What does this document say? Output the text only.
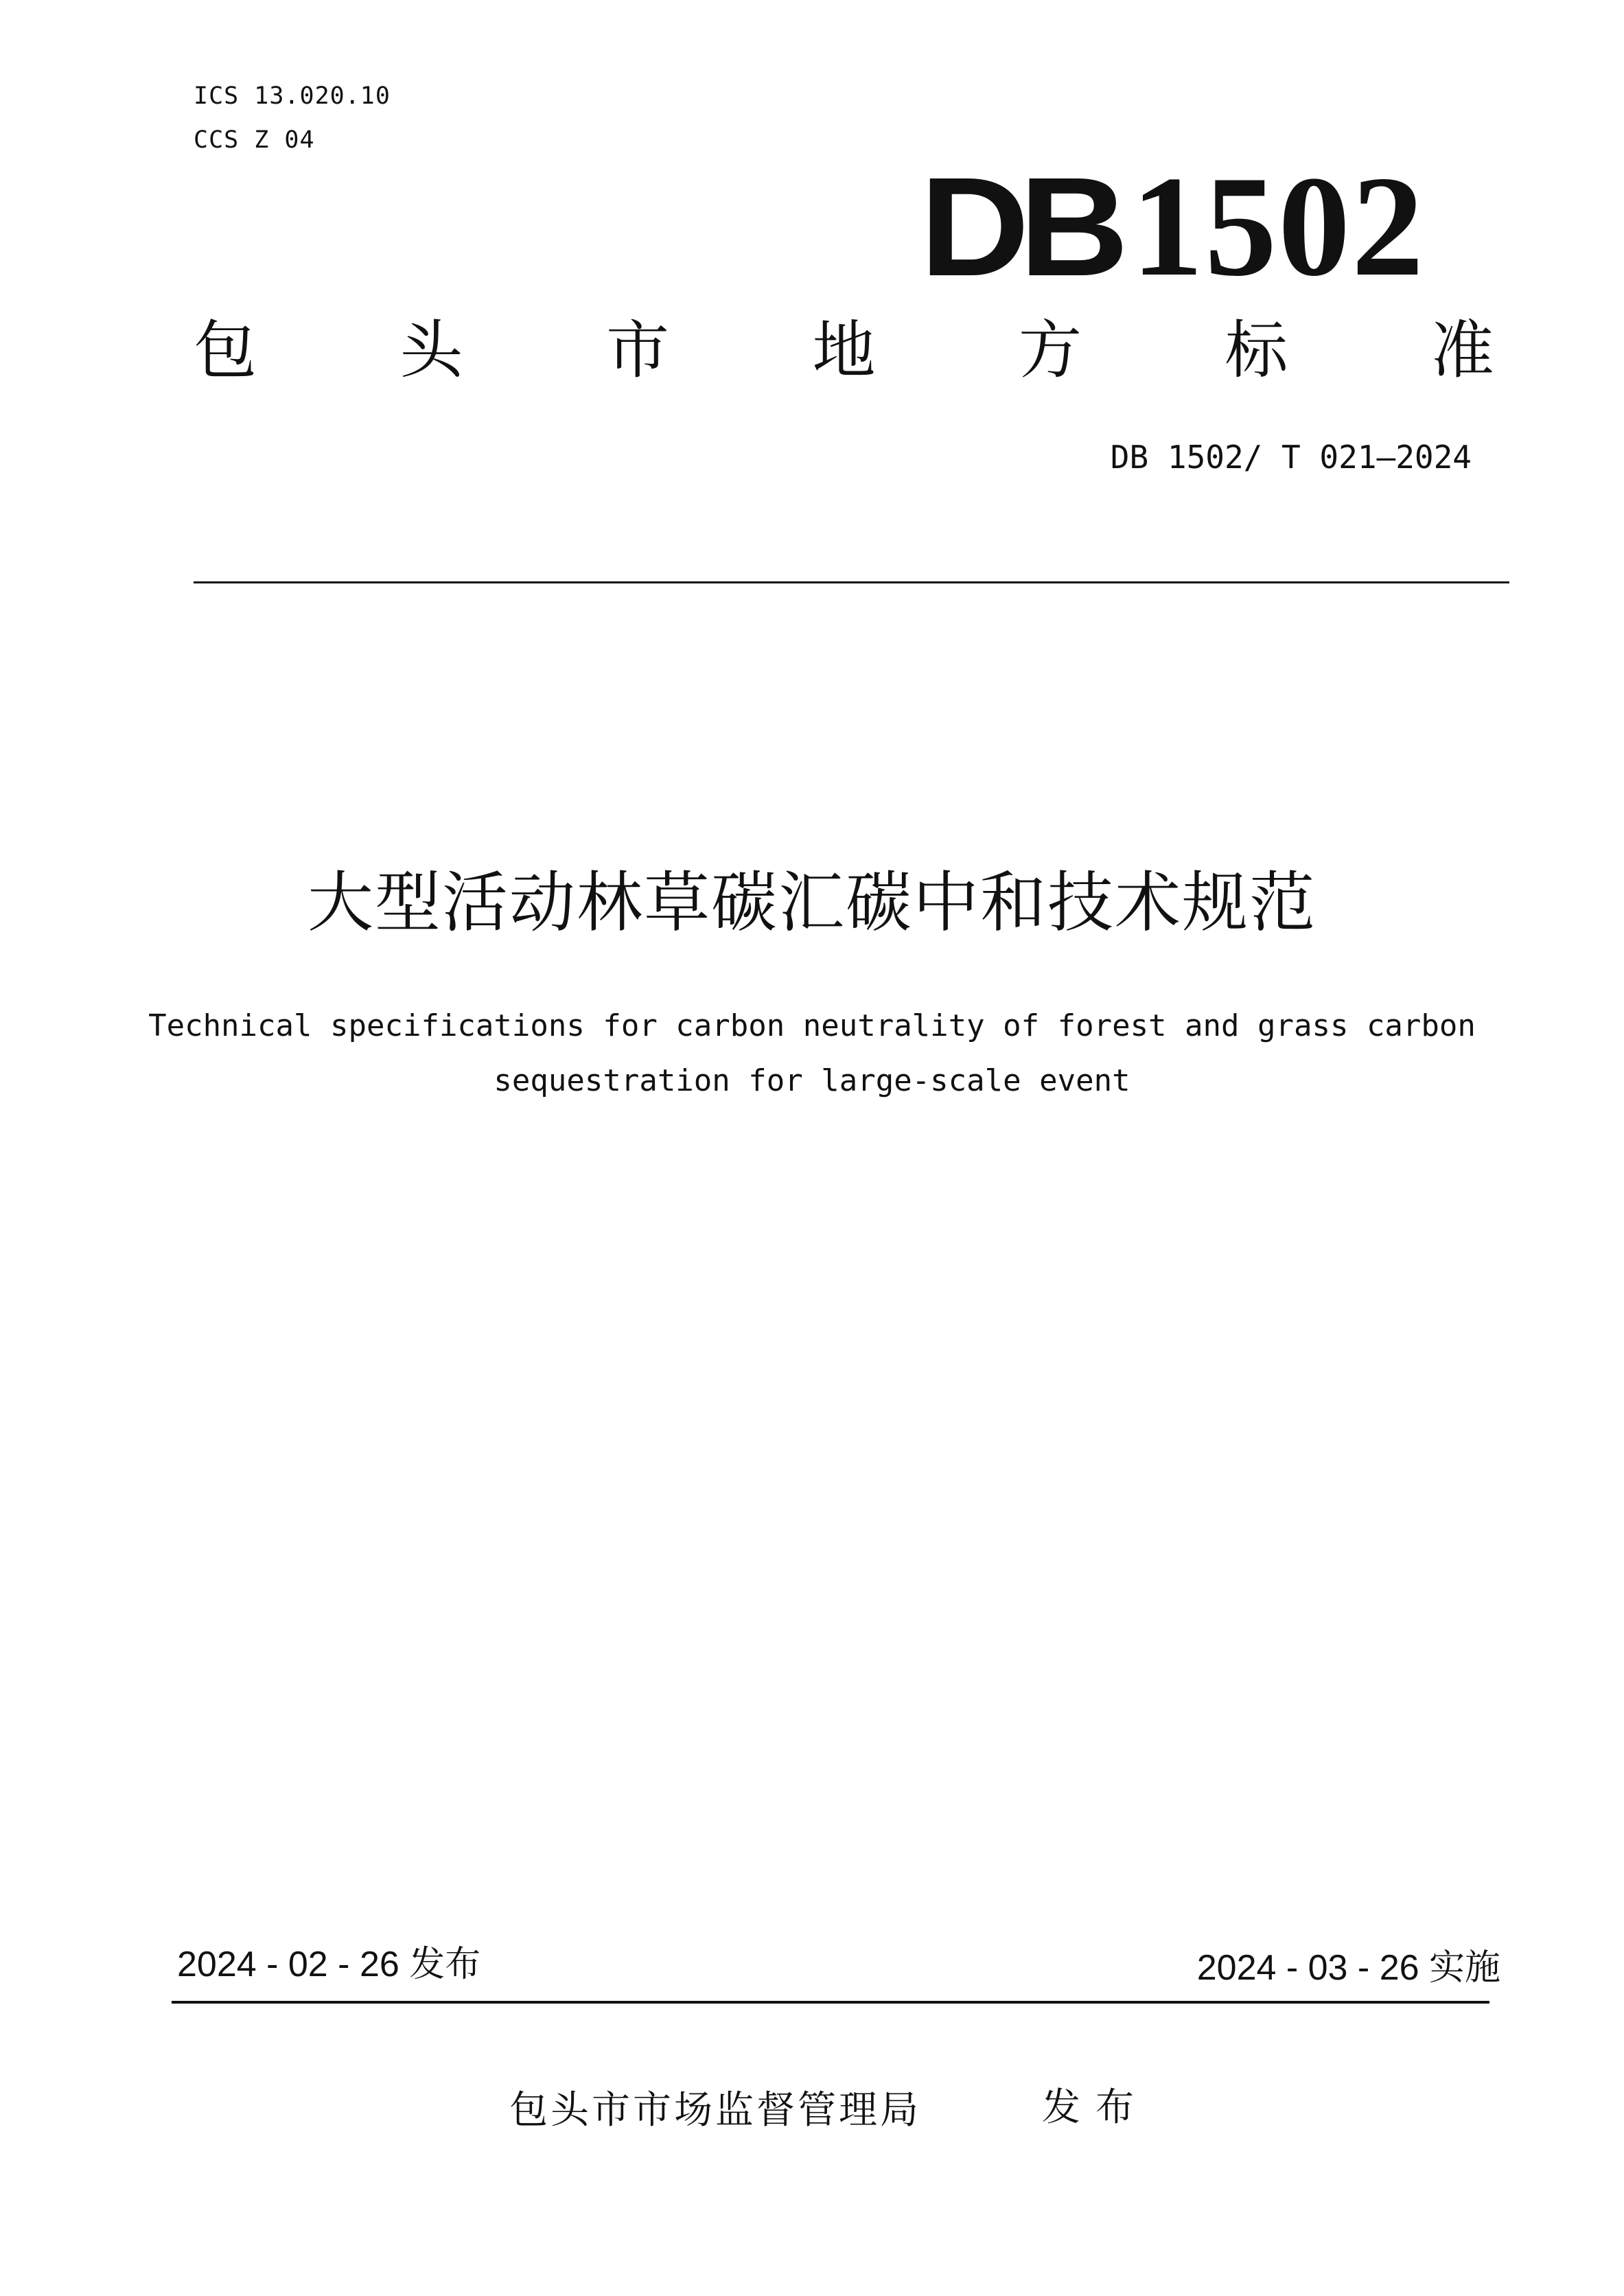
ICS 13.020.10
CCS Z 04
DB 1502
包 头 市 地 方 标 准
DB 1502/ T 021—2024
大型活动林草碳汇碳中和技术规范
Technical specifications for carbon neutrality of forest and grass carbon
sequestration for large-scale event
2024 - 02 - 26 发布	2024 - 03 - 26 实施
包头市市场监督管理局	发布
